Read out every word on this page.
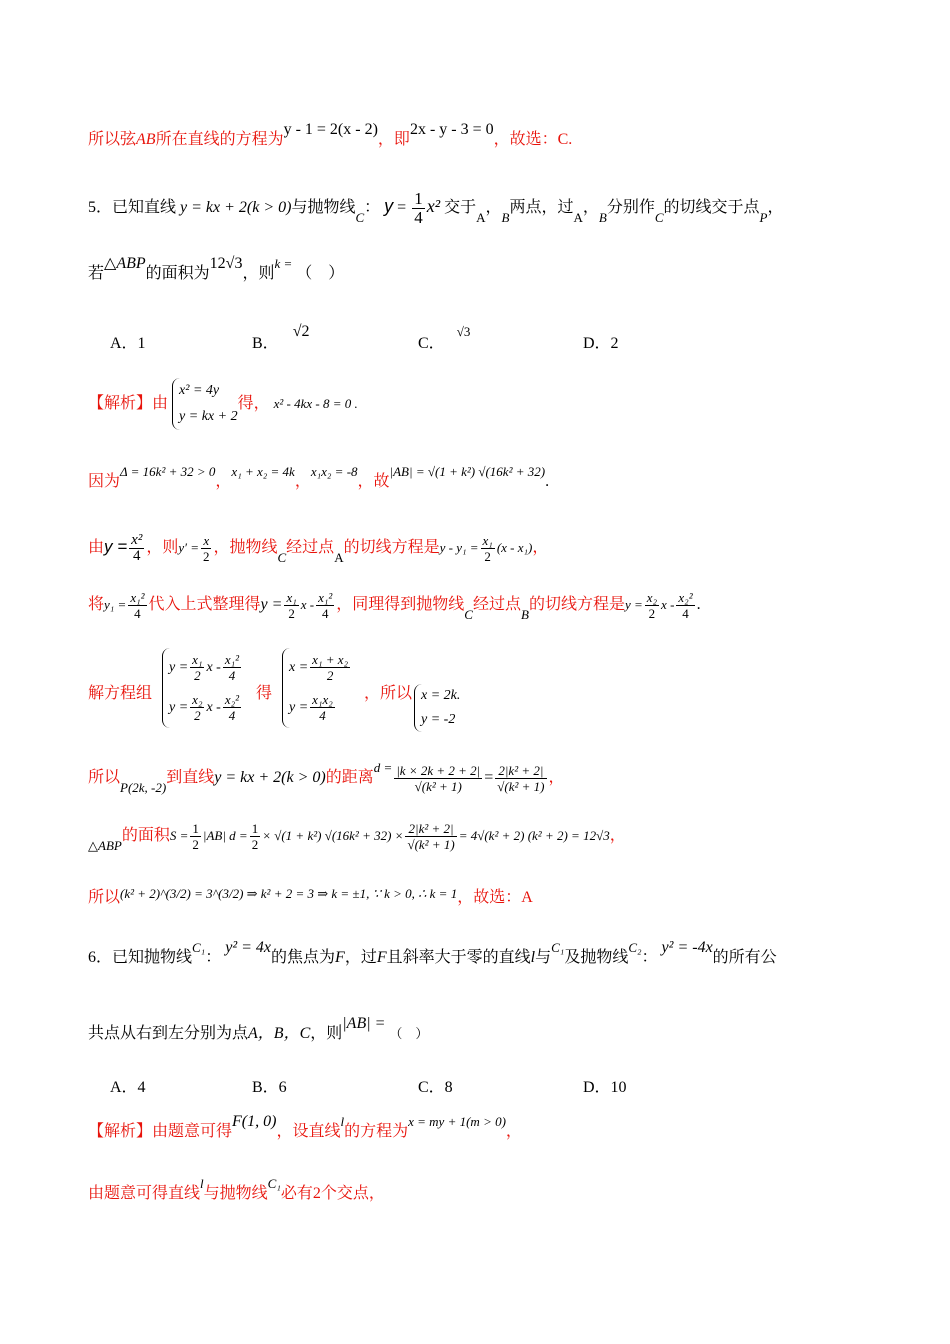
所以弦AB所在直线的方程为y - 1 = 2(x - 2)，即2x - y - 3 = 0，故选：C.
5．已知直线 y = kx + 2(k > 0)与抛物线$_C$： $y = \frac{1}{4} x^2$ 交于$_A$，$_B$两点，过$_A$，$_B$分别作$_C$的切线交于点$_P$，
若△ABP的面积为12√3，则$^{k =}$ （　）
A．1	B．√2
C．$^{√3}$
D．2
【解析】由
x² = 4y
y = kx + 2
得， x² - 4kx - 8 = 0 .
因为$^{\Delta = 16k^2 + 32 > 0}$，$^{x_1 + x_2 = 4k}$，$^{x_1x_2 = -8}$，故$^{|AB| = √(1 + k^2) √(16k^2 + 32)}$.
由$y = \frac{\text{x²}}{4}$ ，则$y' = \frac{x}{2}$ ，抛物线$_C$经过点$_A$的切线方程是$y - y_1 = \frac{\text{x₁}}{2} (x - x_1)$，
将$y_1 = \frac{\text{x₁²}}{4}$ 代入上式整理得$y = \frac{\text{x₁}}{2}$ x - $\frac{\text{x₁²}}{4}$ ，同理得到抛物线$_C$经过点$_B$的切线方程是$y = \frac{\text{x₂}}{2}$ x - $\frac{\text{x₂²}}{4}$ .
解方程组
$y = \frac{\text{x₁}}{2}$ x - $\frac{\text{x₁²}}{4}$
$y = \frac{\text{x₂}}{2}$ x - $\frac{\text{x₂²}}{4}$ 得
$x = \frac{\text{x₁ + x₂}}{2}$
$y = \frac{\text{x₁x₂}}{4}$ ，所以 x = 2k.
y = -2
所以$_{P(2k, -2)}$到直线y = kx + 2(k > 0)的距离$^{d =} \frac{|k \times 2k + 2 + 2|}{\text{√(k² + 1)}} = \frac{\text{2|k² + 2|}}{\text{√(k² + 1)}}$ ，
$_{\triangle ABP}$的面积$S = \frac{1}{2} |AB|$ $d = \frac{1}{2} \times √(1 + k^2) √(16k^2 + 32) \times \frac{\text{2|k² + 2|}}{\text{√(k² + 1)}} = 4√(k^2 + 2) (k^2 + 2) = 12√3$，
所以$^{(k^2 + 2)\^{}(3/2) = 3\^{}(3/2) \Rightarrow k^2 + 2 = 3 \Rightarrow k = \pm 1, \because k > 0, \therefore k = 1}$，故选：A
6．已知抛物线$^{C_1}$： y² = 4x的焦点为F，过F且斜率大于零的直线l与$^{C_1}$及抛物线$^{C_2}$： y² = -4x的所有公
共点从右到左分别为点A，B，C，则|AB| = （　）
A．4	B．6	C．8	D．10
【解析】由题意可得F(1, 0)，设直线$^l$的方程为$^{x = my + 1(m > 0)}$，
由题意可得直线$^l$与抛物线$^{C_1}$必有2个交点，
